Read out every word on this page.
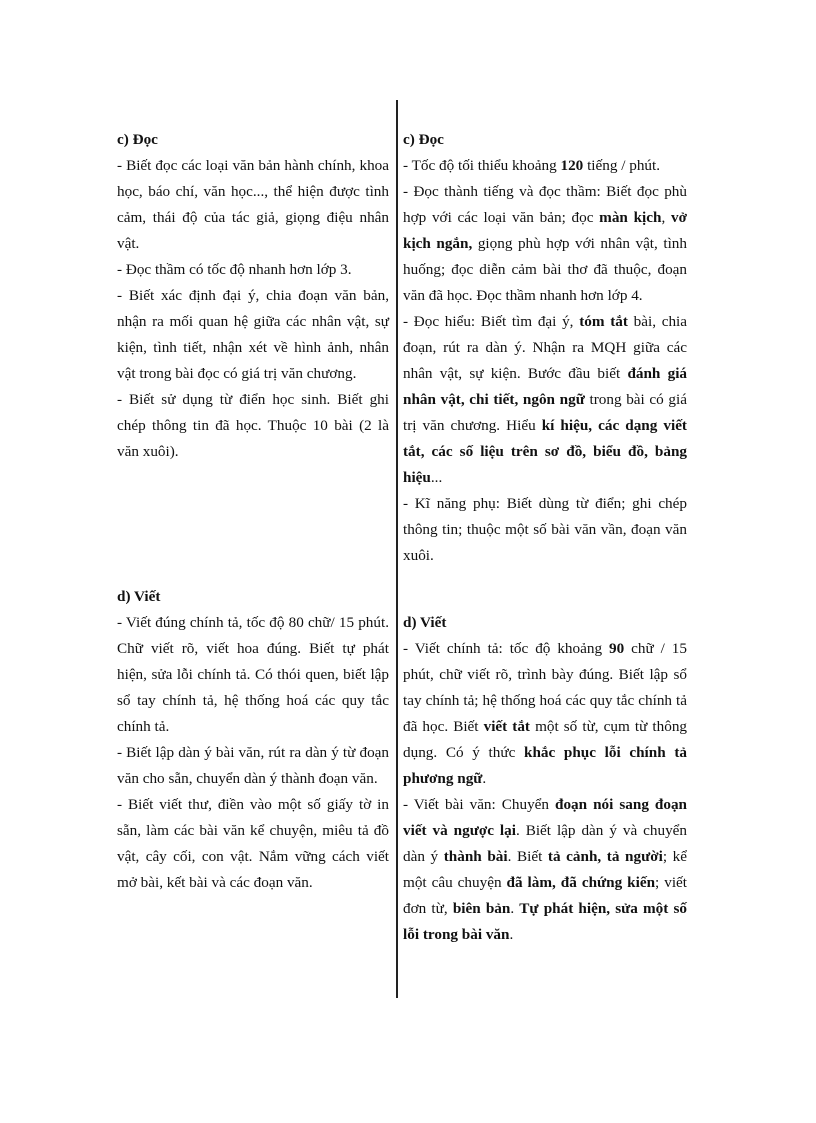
c) Đọc
- Biết đọc các loại văn bản hành chính, khoa học, báo chí, văn học..., thể hiện được tình cảm, thái độ của tác giả, giọng điệu nhân vật.
- Đọc thầm có tốc độ nhanh hơn lớp 3.
- Biết xác định đại ý, chia đoạn văn bản, nhận ra mối quan hệ giữa các nhân vật, sự kiện, tình tiết, nhận xét về hình ảnh, nhân vật trong bài đọc có giá trị văn chương.
- Biết sử dụng từ điển học sinh. Biết ghi chép thông tin đã học. Thuộc 10 bài (2 là văn xuôi).
d) Viết
- Viết đúng chính tả, tốc độ 80 chữ/ 15 phút. Chữ viết rõ, viết hoa đúng. Biết tự phát hiện, sửa lỗi chính tả. Có thói quen, biết lập sổ tay chính tả, hệ thống hoá các quy tắc chính tả.
- Biết lập dàn ý bài văn, rút ra dàn ý từ đoạn văn cho sẵn, chuyển dàn ý thành đoạn văn.
- Biết viết thư, điền vào một số giấy tờ in sẵn, làm các bài văn kể chuyện, miêu tả đồ vật, cây cối, con vật. Nắm vững cách viết mở bài, kết bài và các đoạn văn.
c) Đọc
- Tốc độ tối thiểu khoảng 120 tiếng / phút.
- Đọc thành tiếng và đọc thầm: Biết đọc phù hợp với các loại văn bản; đọc màn kịch, vở kịch ngắn, giọng phù hợp với nhân vật, tình huống; đọc diễn cảm bài thơ đã thuộc, đoạn văn đã học. Đọc thầm nhanh hơn lớp 4.
- Đọc hiểu: Biết tìm đại ý, tóm tắt bài, chia đoạn, rút ra dàn ý. Nhận ra MQH giữa các nhân vật, sự kiện. Bước đầu biết đánh giá nhân vật, chi tiết, ngôn ngữ trong bài có giá trị văn chương. Hiểu kí hiệu, các dạng viết tắt, các số liệu trên sơ đồ, biểu đồ, bảng hiệu...
- Kĩ năng phụ: Biết dùng từ điển; ghi chép thông tin; thuộc một số bài văn vần, đoạn văn xuôi.
d) Viết
- Viết chính tả: tốc độ khoảng 90 chữ / 15 phút, chữ viết rõ, trình bày đúng. Biết lập sổ tay chính tả; hệ thống hoá các quy tắc chính tả đã học. Biết viết tắt một số từ, cụm từ thông dụng. Có ý thức khắc phục lỗi chính tả phương ngữ.
- Viết bài văn: Chuyển đoạn nói sang đoạn viết và ngược lại. Biết lập dàn ý và chuyển dàn ý thành bài. Biết tả cảnh, tả người; kể một câu chuyện đã làm, đã chứng kiến; viết đơn từ, biên bản. Tự phát hiện, sửa một số lỗi trong bài văn.
